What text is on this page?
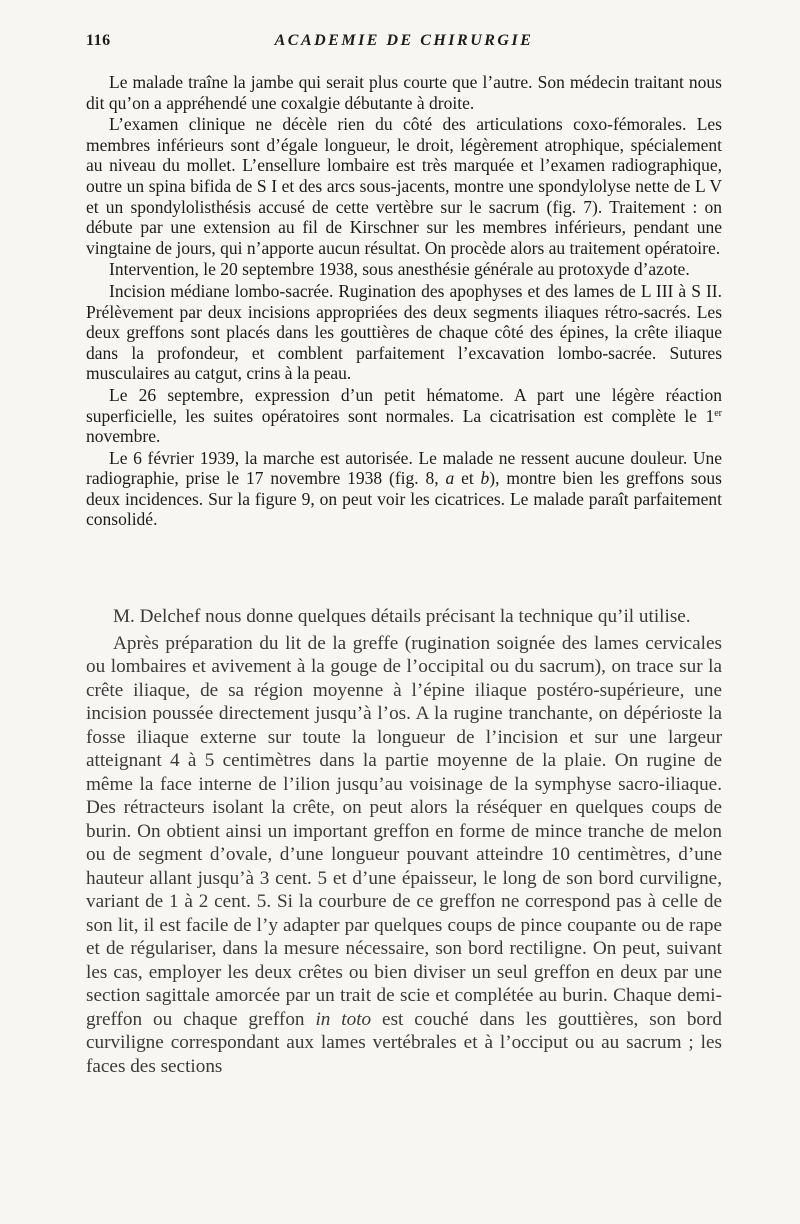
116	ACADEMIE DE CHIRURGIE

Le malade traîne la jambe qui serait plus courte que l’autre. Son médecin traitant nous dit qu’on a appréhendé une coxalgie débutante à droite.

L’examen clinique ne décèle rien du côté des articulations coxo-fémorales. Les membres inférieurs sont d’égale longueur, le droit, légèrement atrophique, spécialement au niveau du mollet. L’ensellure lombaire est très marquée et l’examen radiographique, outre un spina bifida de S I et des arcs sous-jacents, montre une spondylolyse nette de L V et un spondylolisthésis accusé de cette vertèbre sur le sacrum (fig. 7). Traitement : on débute par une extension au fil de Kirschner sur les membres inférieurs, pendant une vingtaine de jours, qui n’apporte aucun résultat. On procède alors au traitement opératoire.

Intervention, le 20 septembre 1938, sous anesthésie générale au protoxyde d’azote.

Incision médiane lombo-sacrée. Rugination des apophyses et des lames de L III à S II. Prélèvement par deux incisions appropriées des deux segments iliaques rétro-sacrés. Les deux greffons sont placés dans les gouttières de chaque côté des épines, la crête iliaque dans la profondeur, et comblent parfaitement l’excavation lombo-sacrée. Sutures musculaires au catgut, crins à la peau.

Le 26 septembre, expression d’un petit hématome. A part une légère réaction superficielle, les suites opératoires sont normales. La cicatrisation est complète le 1er novembre.

Le 6 février 1939, la marche est autorisée. Le malade ne ressent aucune douleur. Une radiographie, prise le 17 novembre 1938 (fig. 8, a et b), montre bien les greffons sous deux incidences. Sur la figure 9, on peut voir les cicatrices. Le malade paraît parfaitement consolidé.

M. Delchef nous donne quelques détails précisant la technique qu’il utilise.

Après préparation du lit de la greffe (rugination soignée des lames cervicales ou lombaires et avivement à la gouge de l’occipital ou du sacrum), on trace sur la crête iliaque, de sa région moyenne à l’épine iliaque postéro-supérieure, une incision poussée directement jusqu’à l’os. A la rugine tranchante, on dépérioste la fosse iliaque externe sur toute la longueur de l’incision et sur une largeur atteignant 4 à 5 centimètres dans la partie moyenne de la plaie. On rugine de même la face interne de l’ilion jusqu’au voisinage de la symphyse sacro-iliaque. Des rétracteurs isolant la crête, on peut alors la réséquer en quelques coups de burin. On obtient ainsi un important greffon en forme de mince tranche de melon ou de segment d’ovale, d’une longueur pouvant atteindre 10 centimètres, d’une hauteur allant jusqu’à 3 cent. 5 et d’une épaisseur, le long de son bord curviligne, variant de 1 à 2 cent. 5. Si la courbure de ce greffon ne correspond pas à celle de son lit, il est facile de l’y adapter par quelques coups de pince coupante ou de rape et de régulariser, dans la mesure nécessaire, son bord rectiligne. On peut, suivant les cas, employer les deux crêtes ou bien diviser un seul greffon en deux par une section sagittale amorcée par un trait de scie et complétée au burin. Chaque demi-greffon ou chaque greffon in toto est couché dans les gouttières, son bord curviligne correspondant aux lames vertébrales et à l’occiput ou au sacrum ; les faces des sections
